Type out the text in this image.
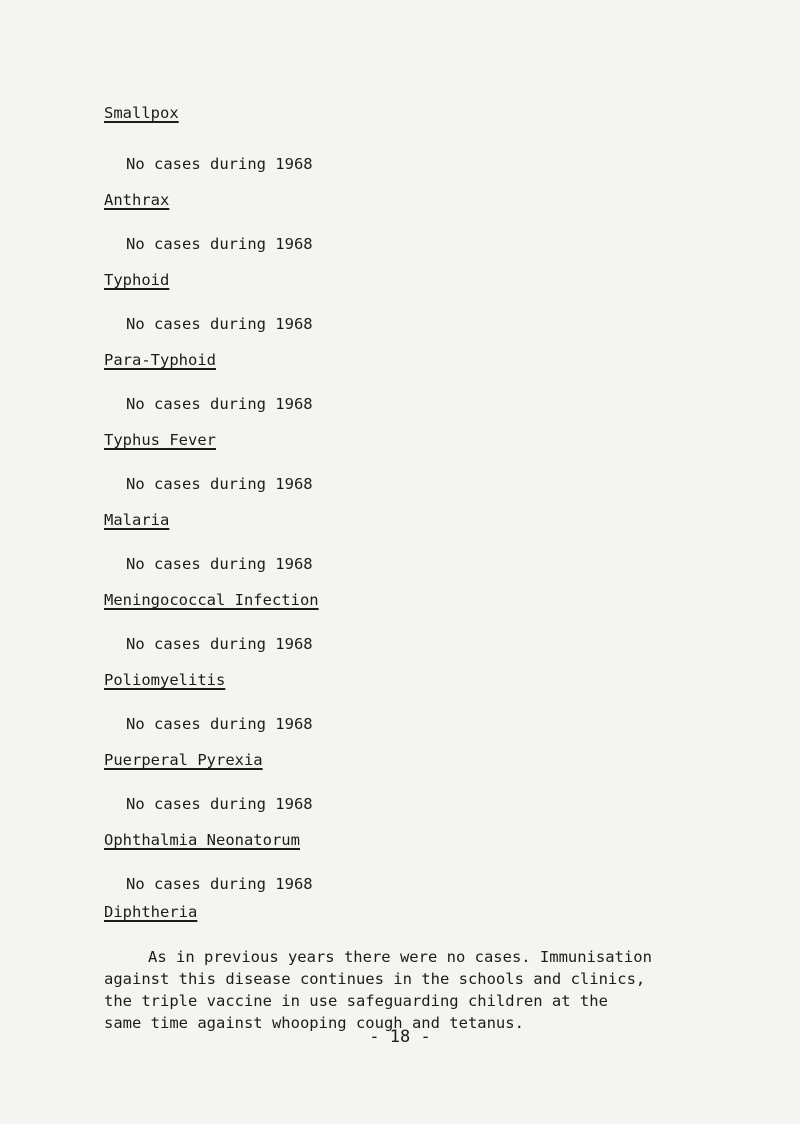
Smallpox
No cases during 1968
Anthrax
No cases during 1968
Typhoid
No cases during 1968
Para-Typhoid
No cases during 1968
Typhus Fever
No cases during 1968
Malaria
No cases during 1968
Meningococcal Infection
No cases during 1968
Poliomyelitis
No cases during 1968
Puerperal Pyrexia
No cases during 1968
Ophthalmia Neonatorum
No cases during 1968
Diphtheria
As in previous years there were no cases. Immunisation
against this disease continues in the schools and clinics,
the triple vaccine in use safeguarding children at the
same time against whooping cough and tetanus.
- 18 -
